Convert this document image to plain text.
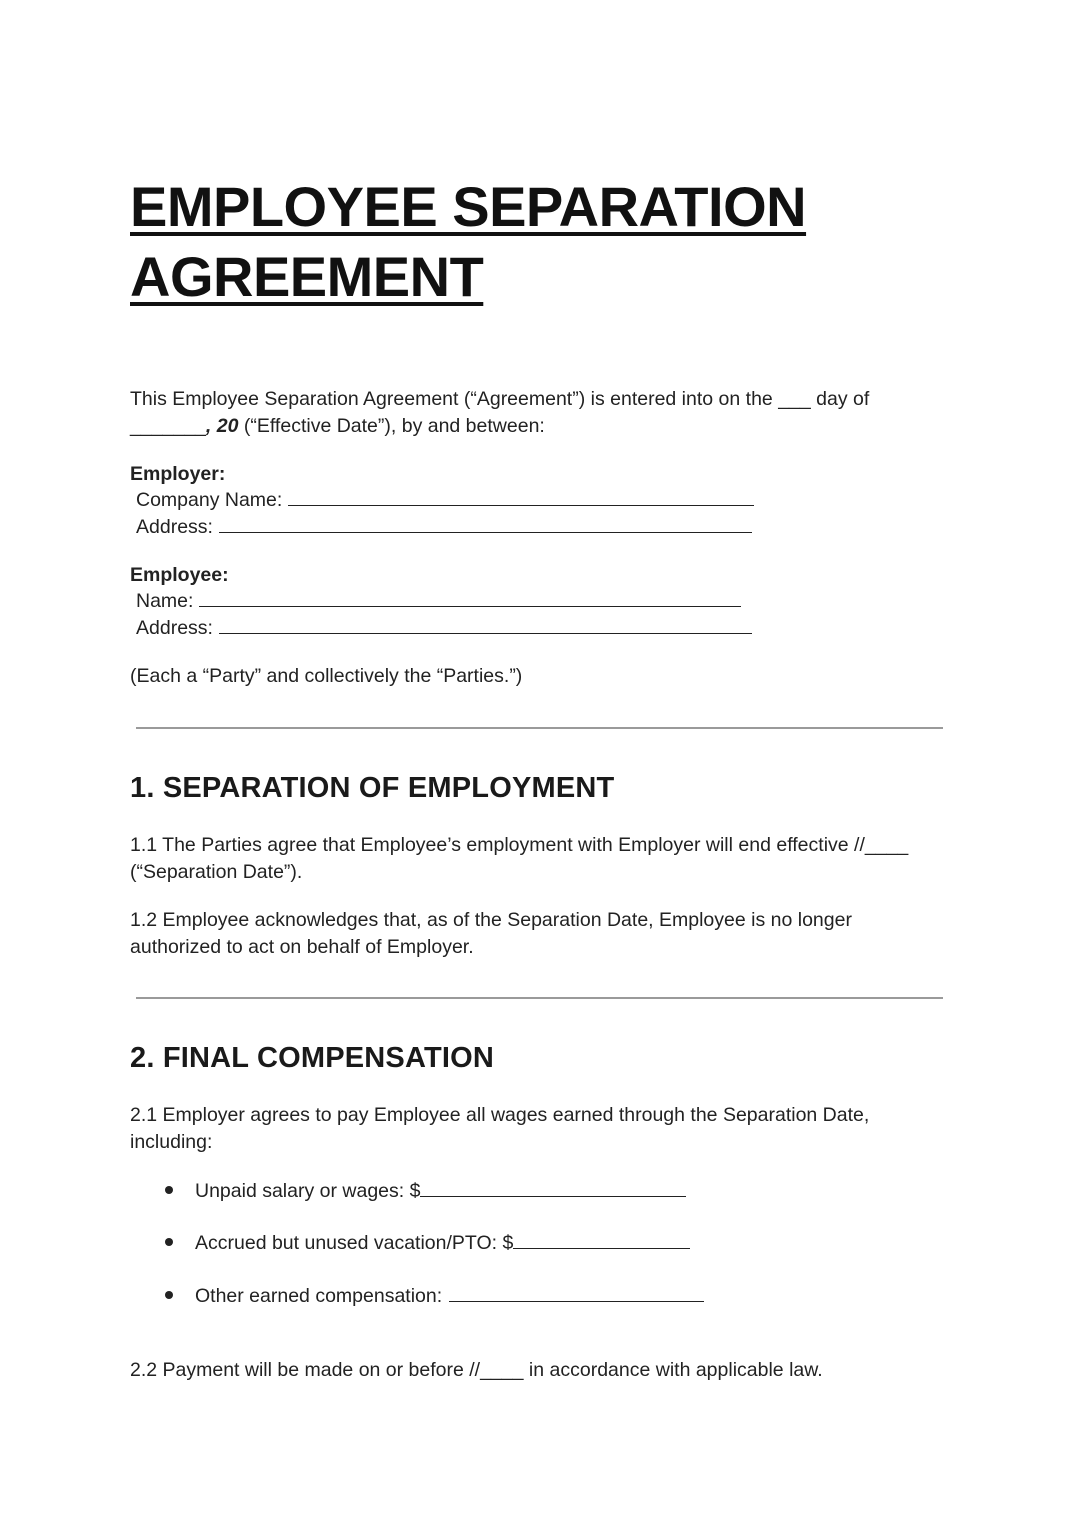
EMPLOYEE SEPARATION
AGREEMENT
This Employee Separation Agreement (“Agreement”) is entered into on the ___ day of
_______, 20 (“Effective Date”), by and between:
Employer:
Company Name:
Address:
Employee:
Name:
Address:
(Each a “Party” and collectively the “Parties.”)
1. SEPARATION OF EMPLOYMENT
1.1 The Parties agree that Employee’s employment with Employer will end effective //____
(“Separation Date”).
1.2 Employee acknowledges that, as of the Separation Date, Employee is no longer
authorized to act on behalf of Employer.
2. FINAL COMPENSATION
2.1 Employer agrees to pay Employee all wages earned through the Separation Date,
including:
Unpaid salary or wages: $
Accrued but unused vacation/PTO: $
Other earned compensation:
2.2 Payment will be made on or before //____ in accordance with applicable law.
